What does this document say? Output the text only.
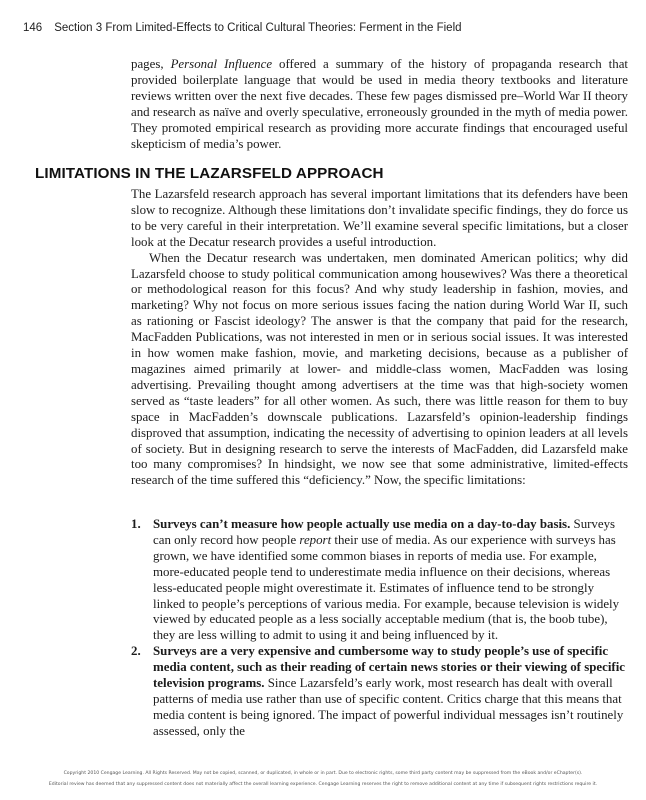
146 Section 3 From Limited-Effects to Critical Cultural Theories: Ferment in the Field

pages, Personal Influence offered a summary of the history of propaganda research that provided boilerplate language that would be used in media theory textbooks and literature reviews written over the next five decades. These few pages dismissed pre–World War II theory and research as naïve and overly speculative, erroneously grounded in the myth of media power. They promoted empirical research as providing more accurate findings that encouraged useful skepticism of media’s power.

LIMITATIONS IN THE LAZARSFELD APPROACH

The Lazarsfeld research approach has several important limitations that its defenders have been slow to recognize. Although these limitations don’t invalidate specific findings, they do force us to be very careful in their interpretation. We’ll examine several specific limitations, but a closer look at the Decatur research provides a useful introduction.

When the Decatur research was undertaken, men dominated American politics; why did Lazarsfeld choose to study political communication among housewives? Was there a theoretical or methodological reason for this focus? And why study leadership in fashion, movies, and marketing? Why not focus on more serious issues facing the nation during World War II, such as rationing or Fascist ideology? The answer is that the company that paid for the research, MacFadden Publications, was not interested in men or in serious social issues. It was interested in how women make fashion, movie, and marketing decisions, because as a publisher of magazines aimed primarily at lower- and middle-class women, MacFadden was losing advertising. Prevailing thought among advertisers at the time was that high-society women served as “taste leaders” for all other women. As such, there was little reason for them to buy space in MacFadden’s downscale publications. Lazarsfeld’s opinion-leadership findings disproved that assumption, indicating the necessity of advertising to opinion leaders at all levels of society. But in designing research to serve the interests of MacFadden, did Lazarsfeld make too many compromises? In hindsight, we now see that some administrative, limited-effects research of the time suffered this “deficiency.” Now, the specific limitations:

1. Surveys can’t measure how people actually use media on a day-to-day basis. Surveys can only record how people report their use of media. As our experience with surveys has grown, we have identified some common biases in reports of media use. For example, more-educated people tend to underestimate media influence on their decisions, whereas less-educated people might overestimate it. Estimates of influence tend to be strongly linked to people’s perceptions of various media. For example, because television is widely viewed by educated people as a less socially acceptable medium (that is, the boob tube), they are less willing to admit to using it and being influenced by it.
2. Surveys are a very expensive and cumbersome way to study people’s use of specific media content, such as their reading of certain news stories or their viewing of specific television programs. Since Lazarsfeld’s early work, most research has dealt with overall patterns of media use rather than use of specific content. Critics charge that this means that media content is being ignored. The impact of powerful individual messages isn’t routinely assessed, only the
Copyright 2010 Cengage Learning. All Rights Reserved. May not be copied, scanned, or duplicated, in whole or in part. Due to electronic rights, some third party content may be suppressed from the eBook and/or eChapter(s).
Editorial review has deemed that any suppressed content does not materially affect the overall learning experience. Cengage Learning reserves the right to remove additional content at any time if subsequent rights restrictions require it.
